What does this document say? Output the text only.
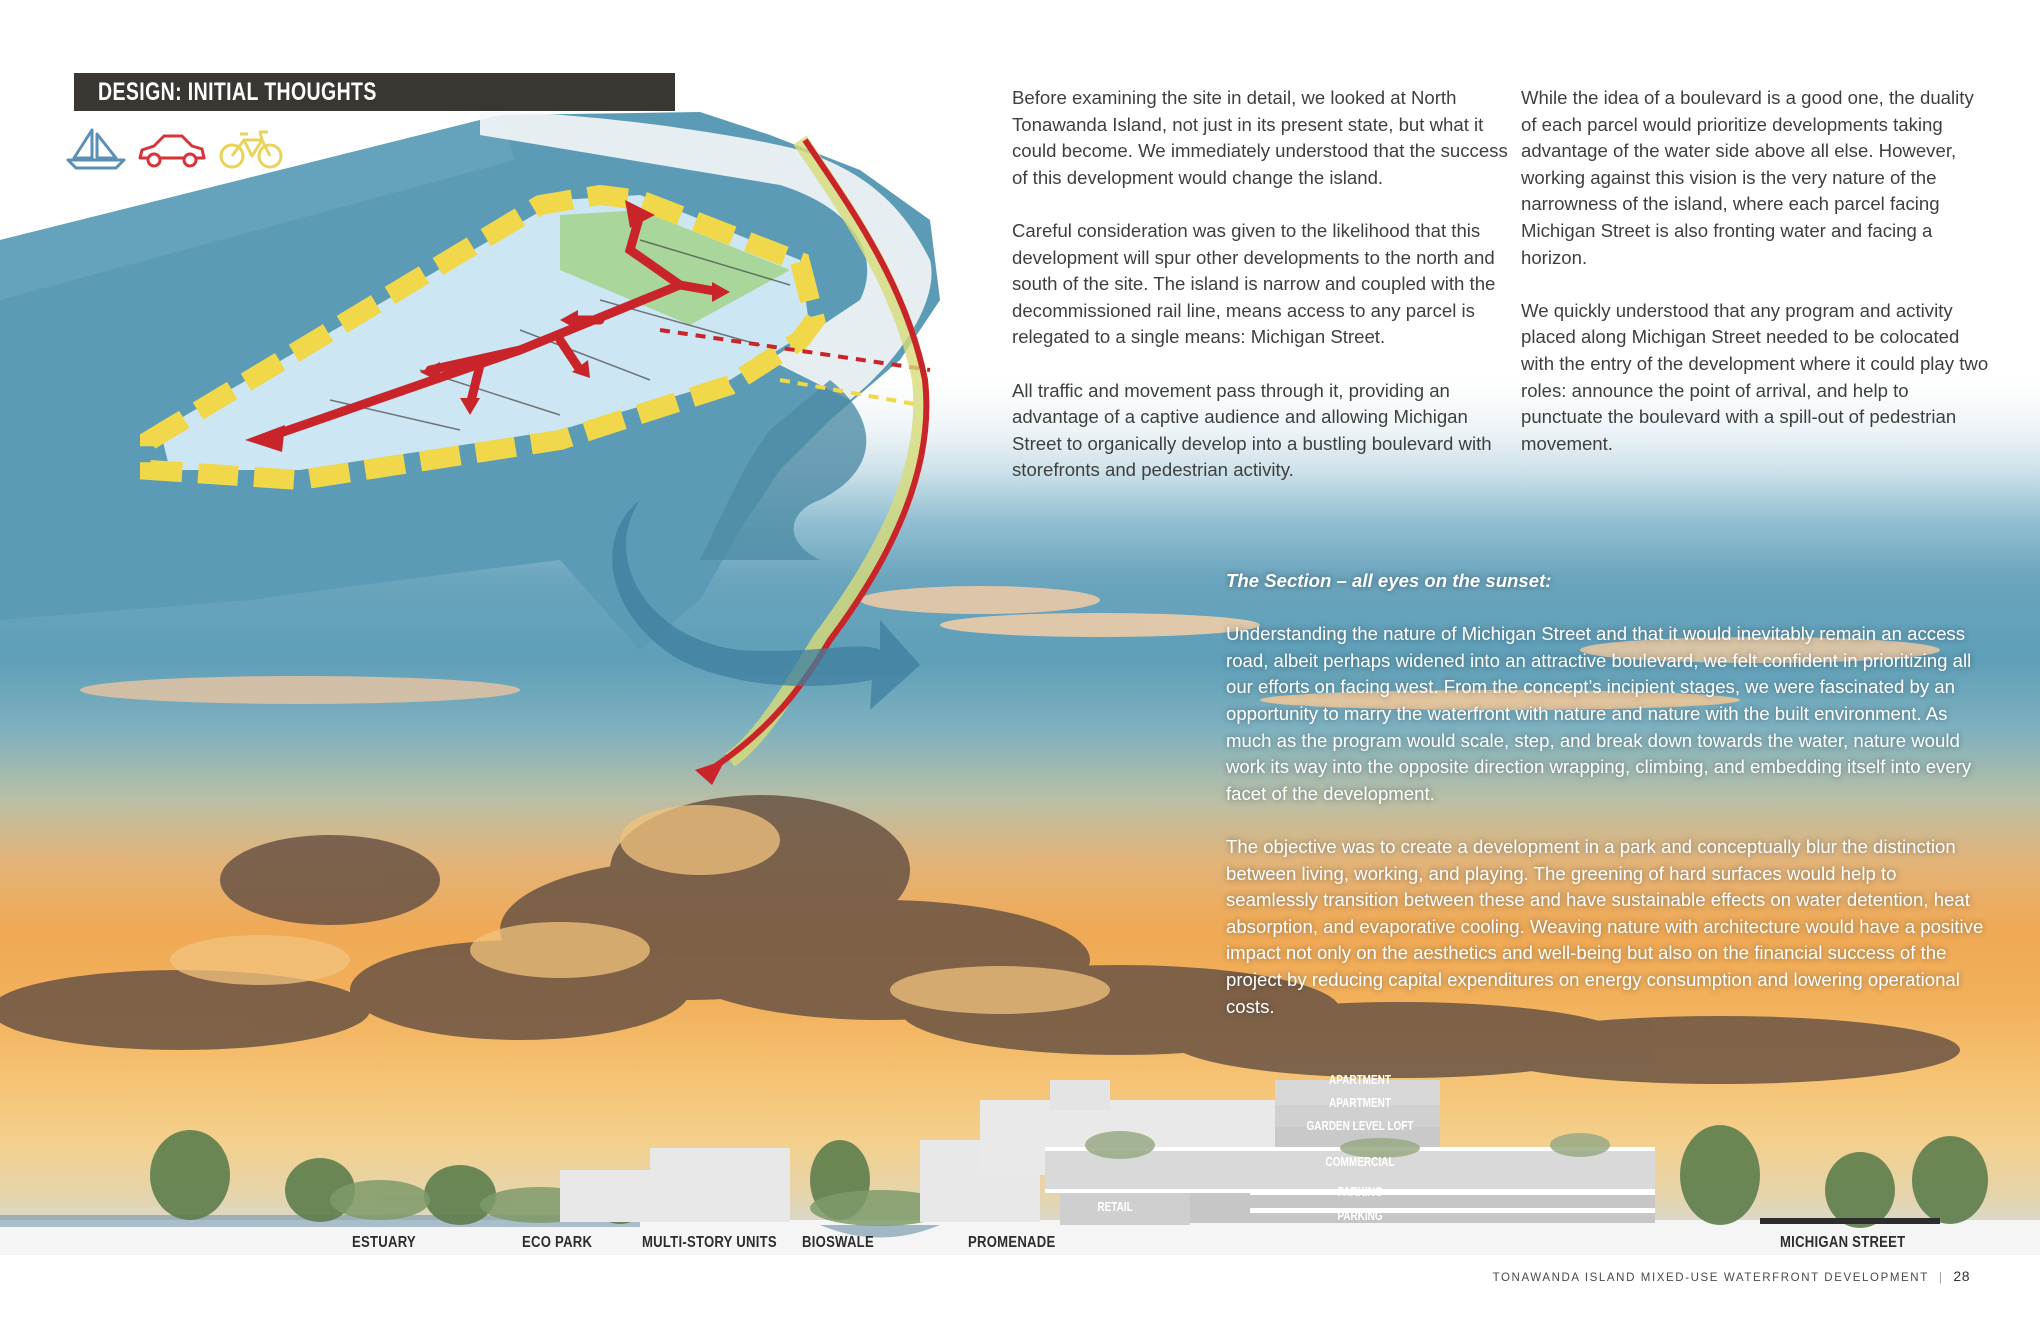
DESIGN: INITIAL THOUGHTS	Before examining the site in detail, we looked at North Tonawanda Island, not just in its present state, but what it could become. We immediately understood that the success of this development would change the island.

Careful consideration was given to the likelihood that this development will spur other developments to the north and south of the site. The island is narrow and coupled with the decommissioned rail line, means access to any parcel is relegated to a single means: Michigan Street.

All traffic and movement pass through it, providing an advantage of a captive audience and allowing Michigan Street to organically develop into a bustling boulevard with storefronts and pedestrian activity.

While the idea of a boulevard is a good one, the duality of each parcel would prioritize developments taking advantage of the water side above all else. However, working against this vision is the very nature of the narrowness of the island, where each parcel facing Michigan Street is also fronting water and facing a horizon.

We quickly understood that any program and activity placed along Michigan Street needed to be colocated with the entry of the development where it could play two roles: announce the point of arrival, and help to punctuate the boulevard with a spill-out of pedestrian movement.

The Section – all eyes on the sunset:

Understanding the nature of Michigan Street and that it would inevitably remain an access road, albeit perhaps widened into an attractive boulevard, we felt confident in prioritizing all our efforts on facing west. From the concept’s incipient stages, we were fascinated by an opportunity to marry the waterfront with nature and nature with the built environment. As much as the program would scale, step, and break down towards the water, nature would work its way into the opposite direction wrapping, climbing, and embedding itself into every facet of the development.

The objective was to create a development in a park and conceptually blur the distinction between living, working, and playing. The greening of hard surfaces would help to seamlessly transition between these and have sustainable effects on water detention, heat absorption, and evaporative cooling. Weaving nature with architecture would have a positive impact not only on the aesthetics and well-being but also on the financial success of the project by reducing capital expenditures on energy consumption and lowering operational costs.

APARTMENT
APARTMENT
GARDEN LEVEL LOFT
COMMERCIAL
RETAIL
PARKING
PARKING
ESTUARY	ECO PARK	MULTI-STORY UNITS BIOSWALE	PROMENADE	MICHIGAN STREET
TONAWANDA ISLAND MIXED-USE WATERFRONT DEVELOPMENT | 28
